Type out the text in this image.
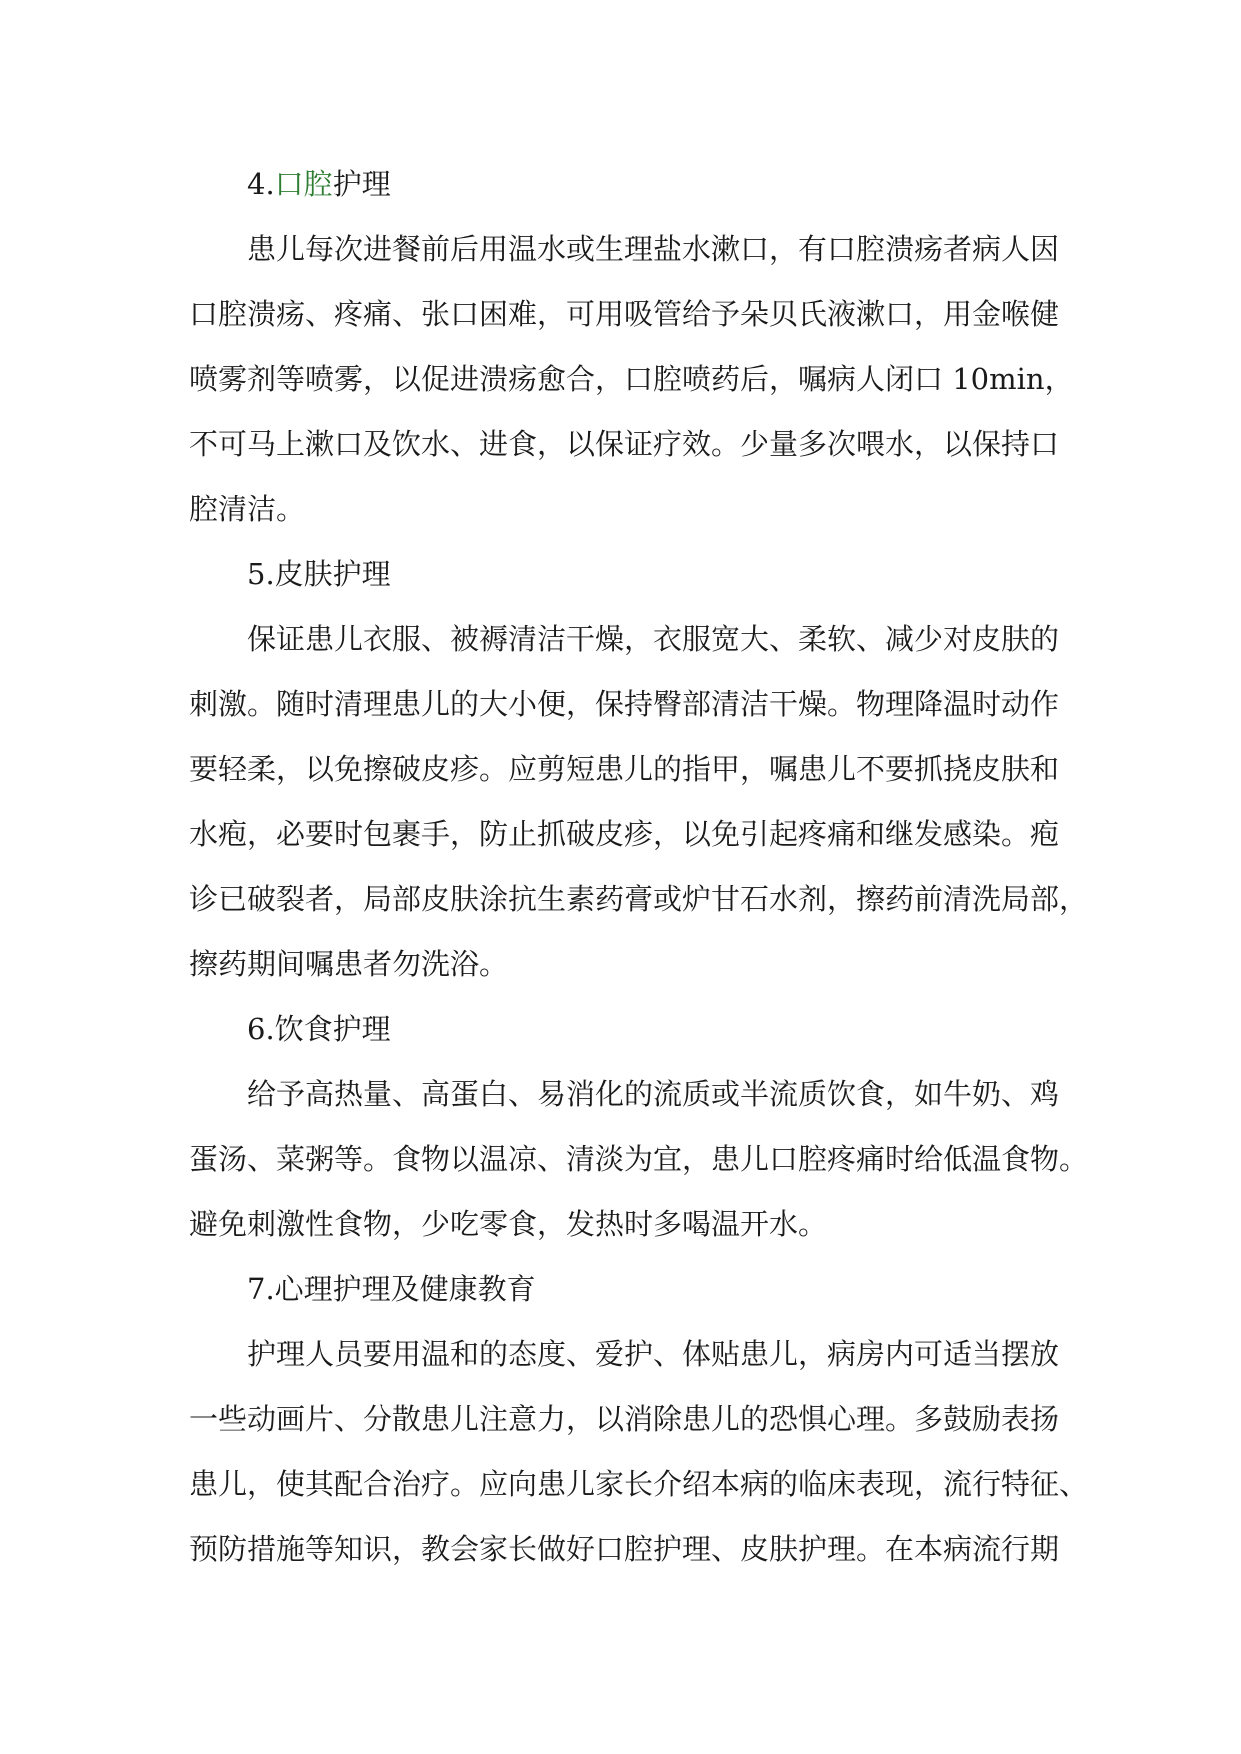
4.口腔护理
患儿每次进餐前后用温水或生理盐水漱口，有口腔溃疡者病人因
口腔溃疡、疼痛、张口困难，可用吸管给予朵贝氏液漱口，用金喉健
喷雾剂等喷雾，以促进溃疡愈合，口腔喷药后，嘱病人闭口 10min，
不可马上漱口及饮水、进食，以保证疗效。少量多次喂水，以保持口
腔清洁。
5.皮肤护理
保证患儿衣服、被褥清洁干燥，衣服宽大、柔软、减少对皮肤的
刺激。随时清理患儿的大小便，保持臀部清洁干燥。物理降温时动作
要轻柔，以免擦破皮疹。应剪短患儿的指甲，嘱患儿不要抓挠皮肤和
水疱，必要时包裹手，防止抓破皮疹，以免引起疼痛和继发感染。疱
诊已破裂者，局部皮肤涂抗生素药膏或炉甘石水剂，擦药前清洗局部，
擦药期间嘱患者勿洗浴。
6.饮食护理
给予高热量、高蛋白、易消化的流质或半流质饮食，如牛奶、鸡
蛋汤、菜粥等。食物以温凉、清淡为宜，患儿口腔疼痛时给低温食物。
避免刺激性食物，少吃零食，发热时多喝温开水。
7.心理护理及健康教育
护理人员要用温和的态度、爱护、体贴患儿，病房内可适当摆放
一些动画片、分散患儿注意力，以消除患儿的恐惧心理。多鼓励表扬
患儿，使其配合治疗。应向患儿家长介绍本病的临床表现，流行特征、
预防措施等知识，教会家长做好口腔护理、皮肤护理。在本病流行期
